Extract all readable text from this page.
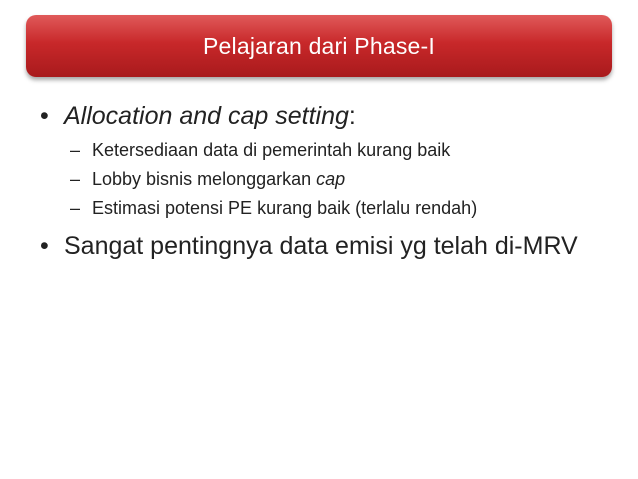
Pelajaran dari Phase-I
• Allocation and cap setting:
– Ketersediaan data di pemerintah kurang baik
– Lobby bisnis melonggarkan cap
– Estimasi potensi PE kurang baik (terlalu rendah)
• Sangat pentingnya data emisi yg telah di-MRV
